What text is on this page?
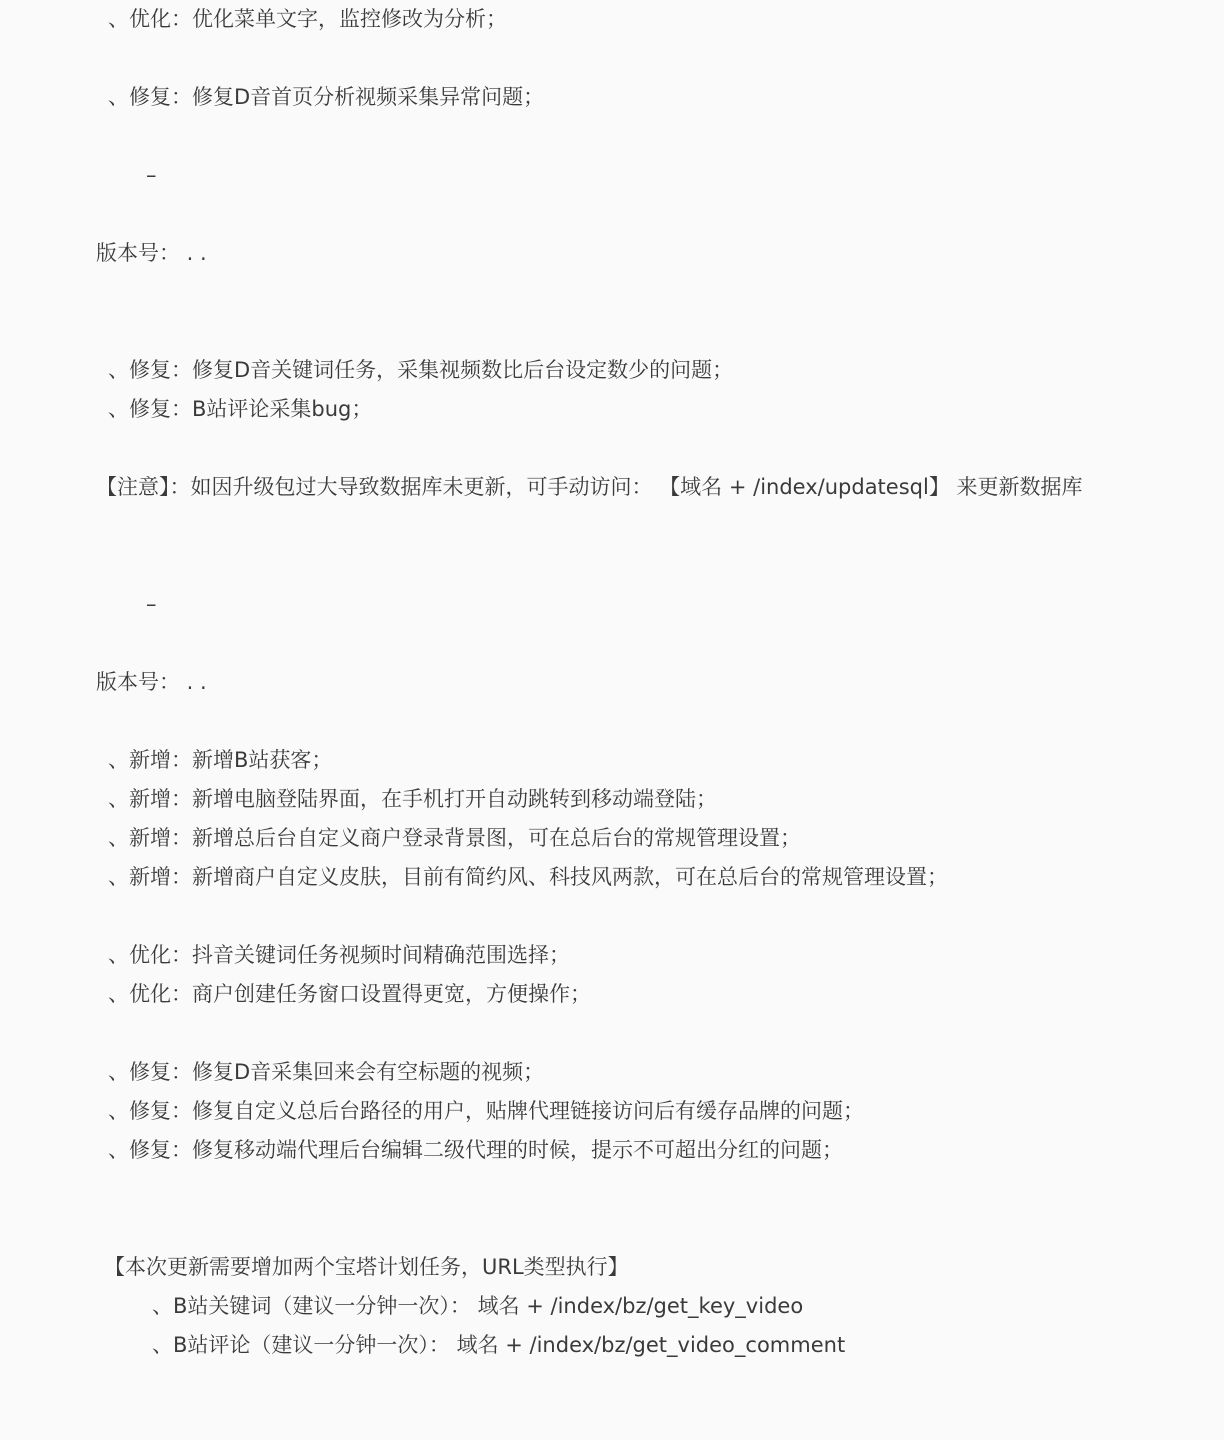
、优化：优化菜单文字，监控修改为分析；
、修复：修复D音首页分析视频采集异常问题；
–
版本号： . .
、修复：修复D音关键词任务，采集视频数比后台设定数少的问题；
、修复：B站评论采集bug；
【注意】：如因升级包过大导致数据库未更新，可手动访问： 【域名 + /index/updatesql】 来更新数据库
–
版本号： . .
、新增：新增B站获客；
、新增：新增电脑登陆界面，在手机打开自动跳转到移动端登陆；
、新增：新增总后台自定义商户登录背景图，可在总后台的常规管理设置；
、新增：新增商户自定义皮肤，目前有简约风、科技风两款，可在总后台的常规管理设置；
、优化：抖音关键词任务视频时间精确范围选择；
、优化：商户创建任务窗口设置得更宽，方便操作；
、修复：修复D音采集回来会有空标题的视频；
、修复：修复自定义总后台路径的用户，贴牌代理链接访问后有缓存品牌的问题；
、修复：修复移动端代理后台编辑二级代理的时候，提示不可超出分红的问题；
【本次更新需要增加两个宝塔计划任务，URL类型执行】
、B站关键词（建议一分钟一次）： 域名 + /index/bz/get_key_video
、B站评论（建议一分钟一次）： 域名 + /index/bz/get_video_comment
